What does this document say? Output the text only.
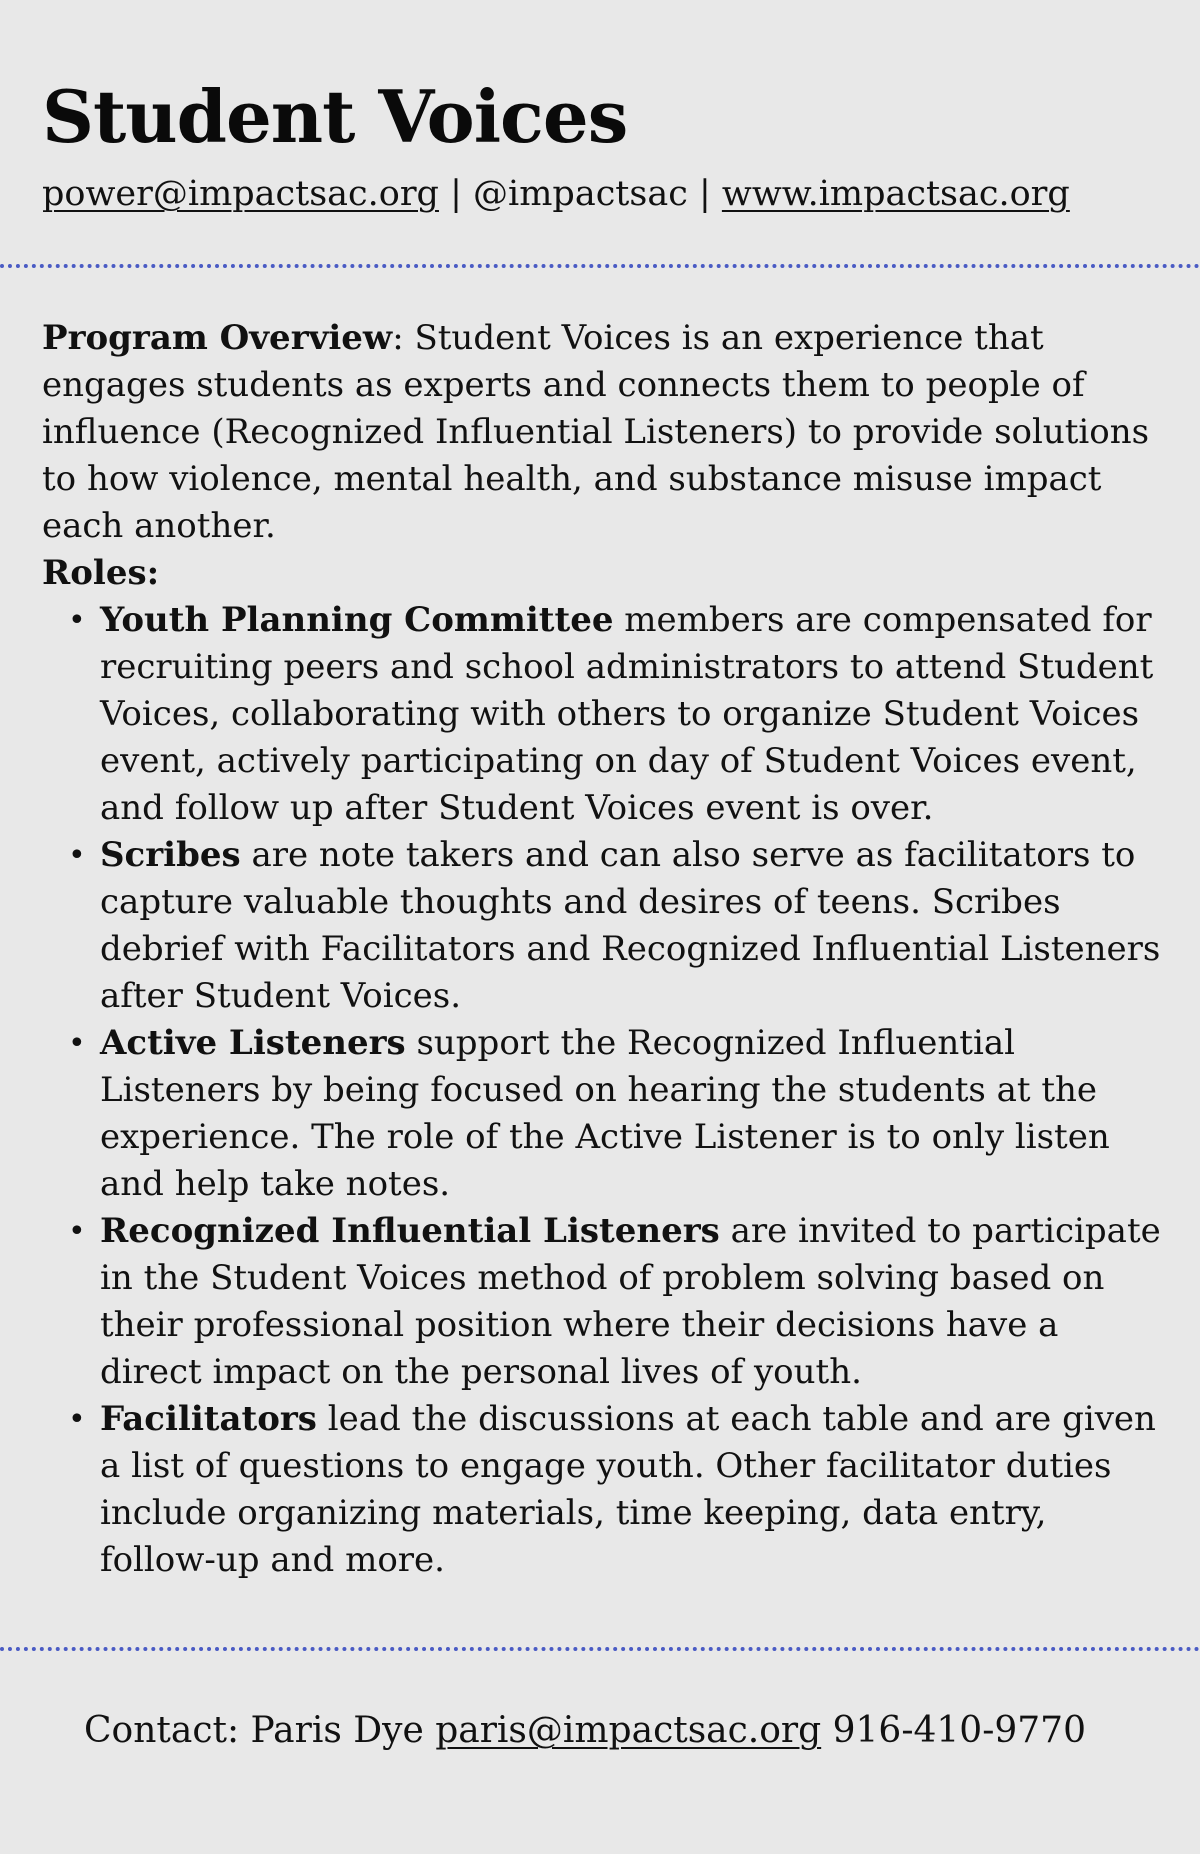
Student Voices
power@impactsac.org | @impactsac | www.impactsac.org

Program Overview: Student Voices is an experience that engages students as experts and connects them to people of influence (Recognized Influential Listeners) to provide solutions to how violence, mental health, and substance misuse impact each another.

Roles:

• Youth Planning Committee members are compensated for recruiting peers and school administrators to attend Student Voices, collaborating with others to organize Student Voices event, actively participating on day of Student Voices event, and follow up after Student Voices event is over.
• Scribes are note takers and can also serve as facilitators to capture valuable thoughts and desires of teens. Scribes debrief with Facilitators and Recognized Influential Listeners after Student Voices.
• Active Listeners support the Recognized Influential Listeners by being focused on hearing the students at the experience. The role of the Active Listener is to only listen and help take notes.
• Recognized Influential Listeners are invited to participate in the Student Voices method of problem solving based on their professional position where their decisions have a direct impact on the personal lives of youth.
• Facilitators lead the discussions at each table and are given a list of questions to engage youth. Other facilitator duties include organizing materials, time keeping, data entry, follow-up and more.
Contact: Paris Dye paris@impactsac.org 916-410-9770
